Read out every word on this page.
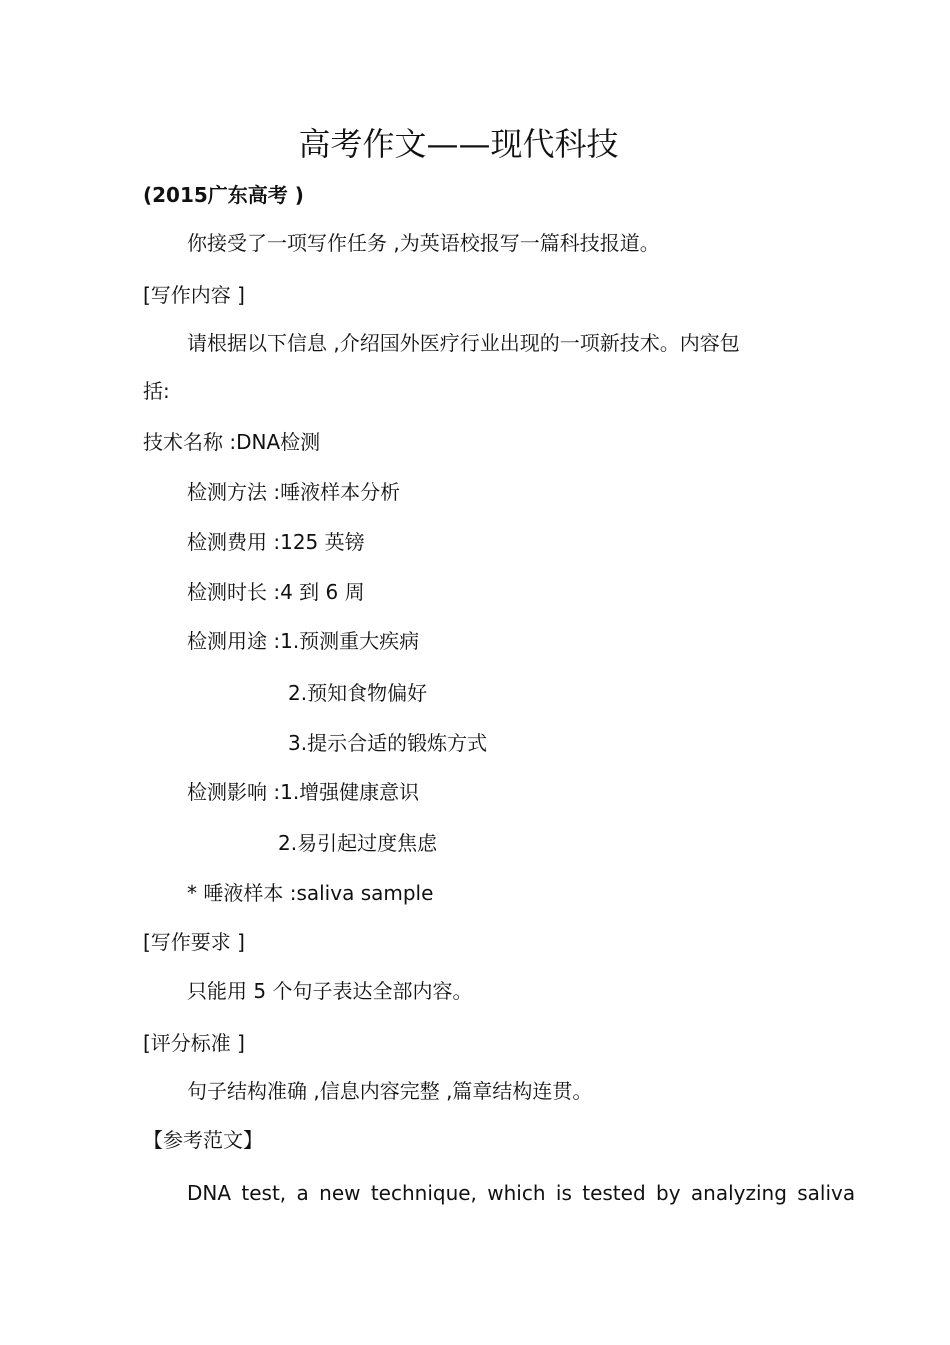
高考作文——现代科技
(2015广东高考 )
你接受了一项写作任务 ,为英语校报写一篇科技报道。
[写作内容 ]
请根据以下信息 ,介绍国外医疗行业出现的一项新技术。内容包
括:
技术名称 :DNA检测
检测方法 :唾液样本分析
检测费用 :125 英镑
检测时长 :4 到 6 周
检测用途 :1.预测重大疾病
2.预知食物偏好
3.提示合适的锻炼方式
检测影响 :1.增强健康意识
2.易引起过度焦虑
* 唾液样本 :saliva sample
[写作要求 ]
只能用 5 个句子表达全部内容。
[评分标准 ]
句子结构准确 ,信息内容完整 ,篇章结构连贯。
【参考范文】
DNA test, a new technique, which is tested by analyzing saliva
